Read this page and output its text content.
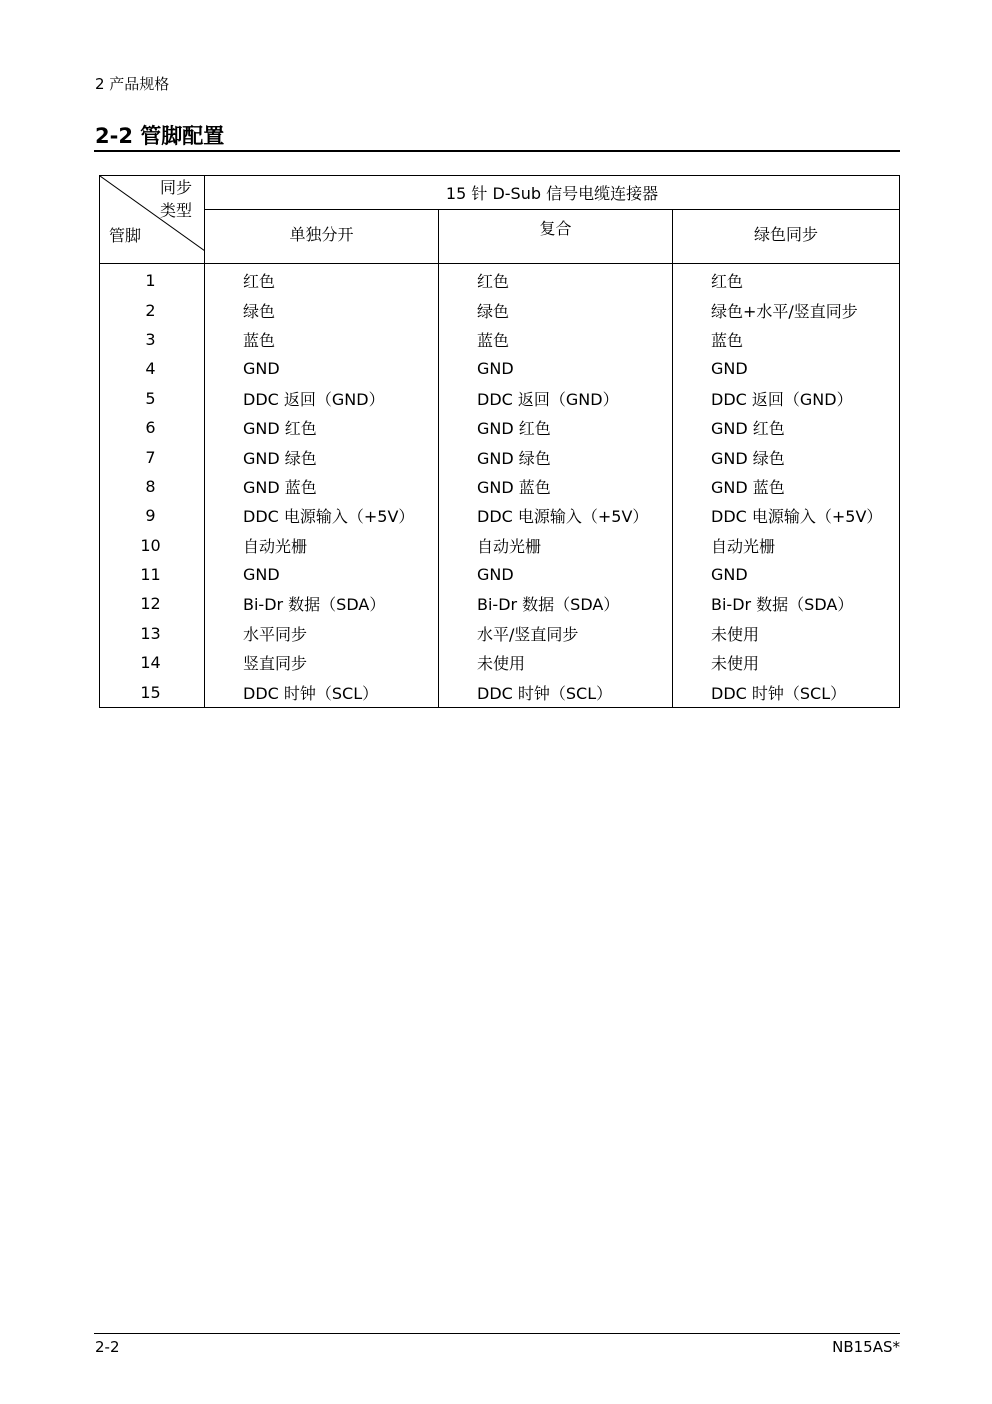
2 产品规格
2-2 管脚配置
同步
类型
管脚	15 针 D-Sub 信号电缆连接器		
	单独分开	复合	绿色同步
1	红色	红色	红色
2	绿色	绿色	绿色+水平/竖直同步
3	蓝色	蓝色	蓝色
4	GND	GND	GND
5	DDC 返回（GND）	DDC 返回（GND）	DDC 返回（GND）
6	GND 红色	GND 红色	GND 红色
7	GND 绿色	GND 绿色	GND 绿色
8	GND 蓝色	GND 蓝色	GND 蓝色
9	DDC 电源输入（+5V）	DDC 电源输入（+5V）	DDC 电源输入（+5V）
10	自动光栅	自动光栅	自动光栅
11	GND	GND	GND
12	Bi-Dr 数据（SDA）	Bi-Dr 数据（SDA）	Bi-Dr 数据（SDA）
13	水平同步	水平/竖直同步	未使用
14	竖直同步	未使用	未使用
15	DDC 时钟（SCL）	DDC 时钟（SCL）	DDC 时钟（SCL）
2-2	NB15AS*
